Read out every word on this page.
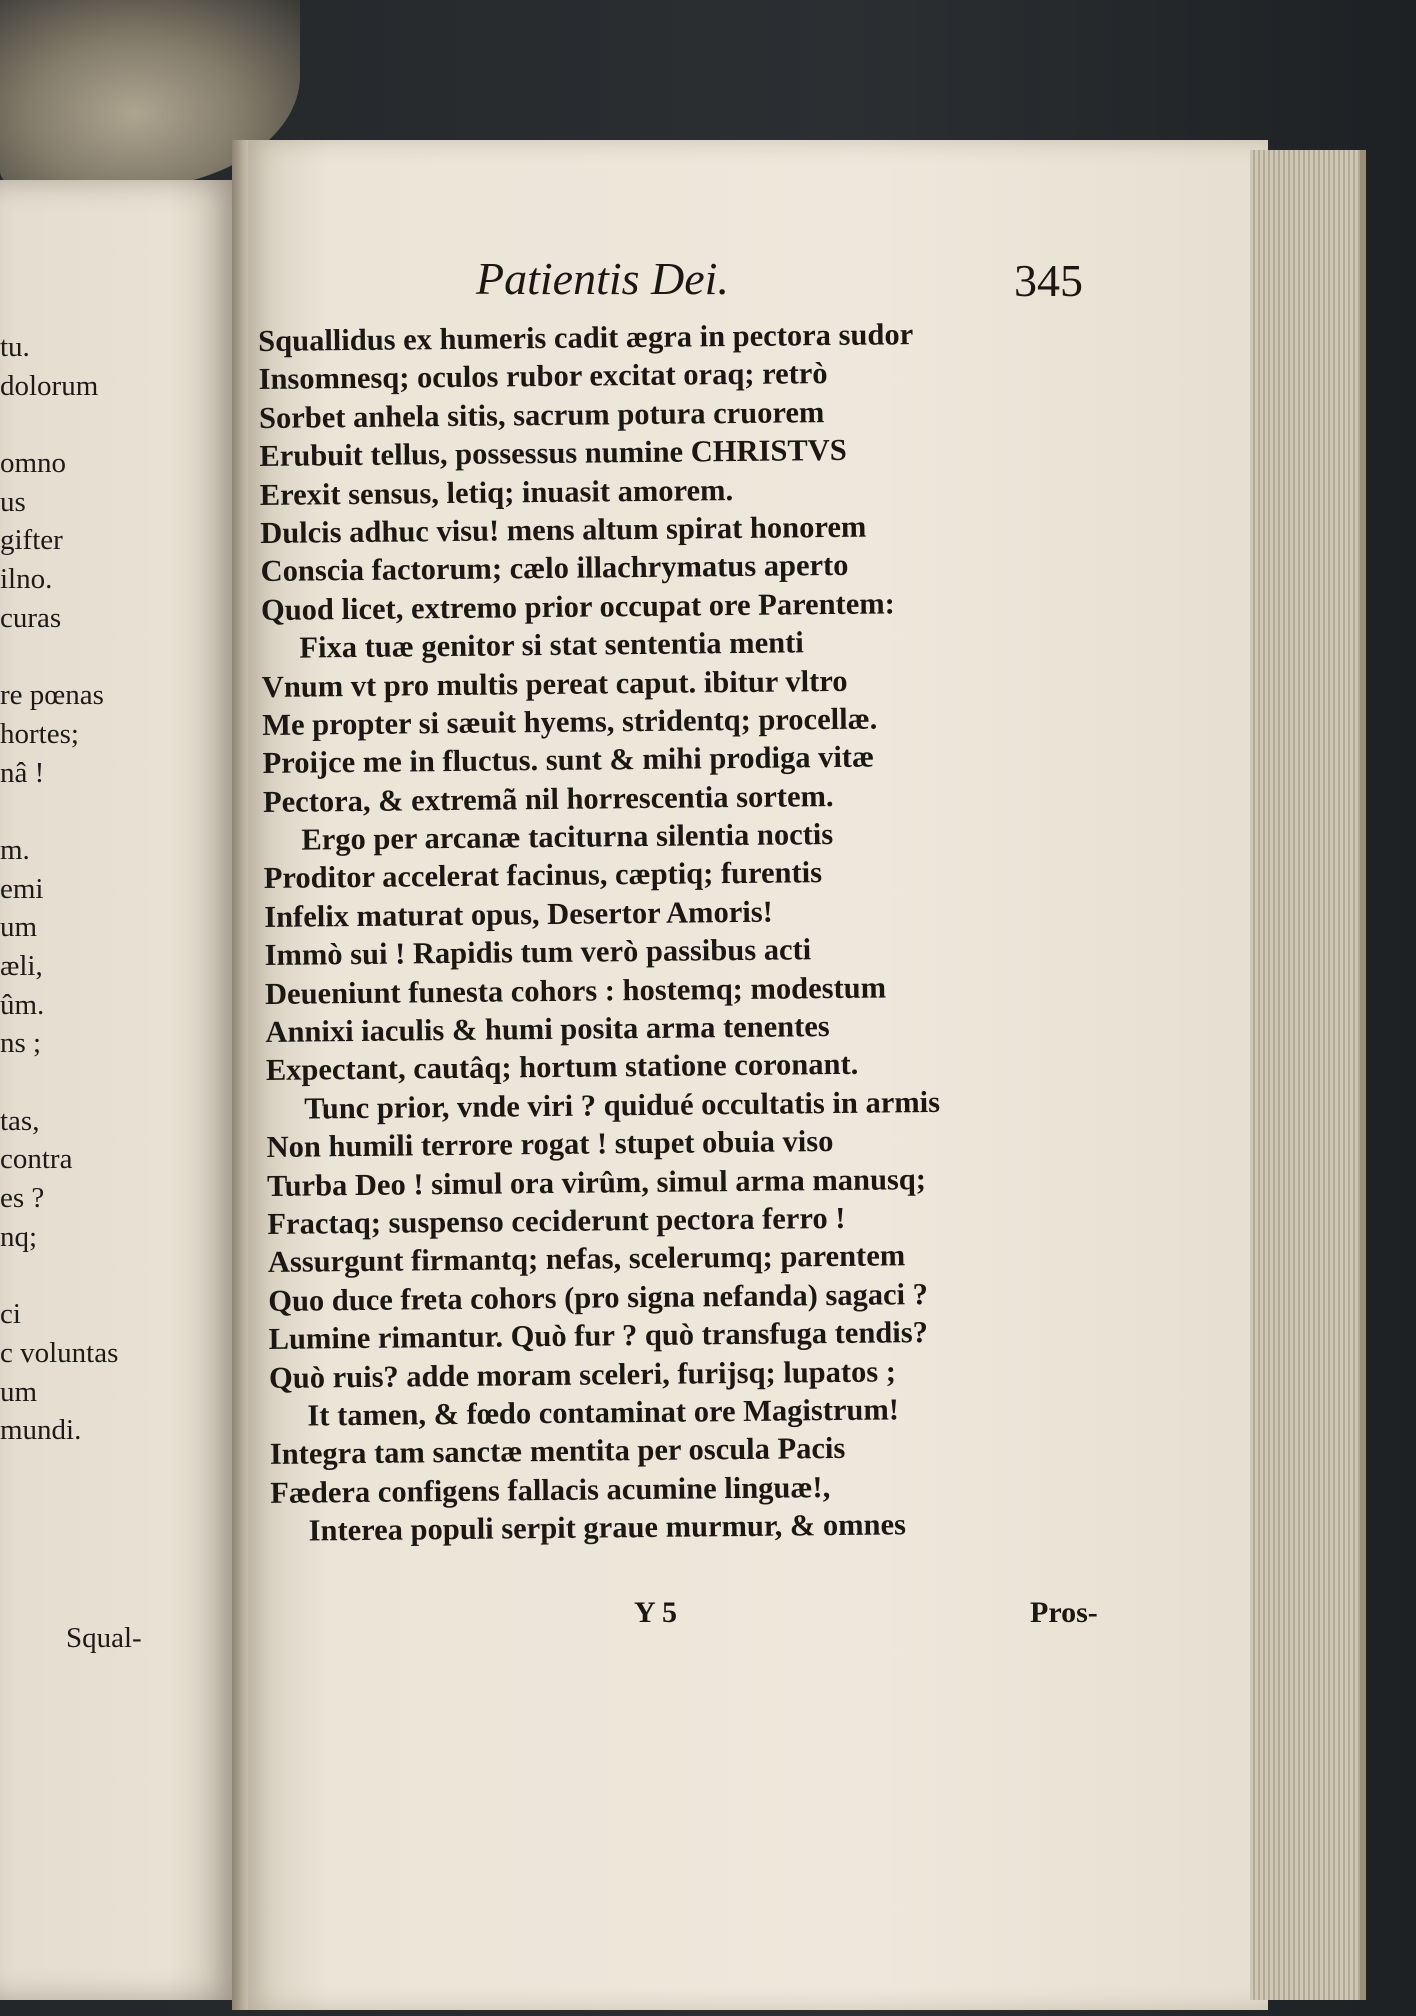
tu.
dolorum
omno
us
gifter
ilno.
curas
re pœnas
hortes;
nâ !
m.
emi
um
æli,
ûm.
ns ;
tas,
contra
es ?
nq;
ci
c voluntas
um
mundi.
Squal-
Patientis Dei.	345
Squallidus ex humeris cadit ægra in pectora sudor
Insomnesq; oculos rubor excitat oraq; retrò
Sorbet anhela sitis, sacrum potura cruorem
Erubuit tellus, possessus numine CHRISTVS
Erexit sensus, letiq; inuasit amorem.
Dulcis adhuc visu! mens altum spirat honorem
Conscia factorum; cælo illachrymatus aperto
Quod licet, extremo prior occupat ore Parentem:
Fixa tuæ genitor si stat sententia menti
Vnum vt pro multis pereat caput. ibitur vltro
Me propter si sæuit hyems, stridentq; procellæ.
Proijce me in fluctus. sunt & mihi prodiga vitæ
Pectora, & extremã nil horrescentia sortem.
Ergo per arcanæ taciturna silentia noctis
Proditor accelerat facinus, cæptiq; furentis
Infelix maturat opus, Desertor Amoris!
Immò sui ! Rapidis tum verò passibus acti
Deueniunt funesta cohors : hostemq; modestum
Annixi iaculis & humi posita arma tenentes
Expectant, cautâq; hortum statione coronant.
Tunc prior, vnde viri ? quidué occultatis in armis
Non humili terrore rogat ! stupet obuia viso
Turba Deo ! simul ora virûm, simul arma manusq;
Fractaq; suspenso ceciderunt pectora ferro !
Assurgunt firmantq; nefas, scelerumq; parentem
Quo duce freta cohors (pro signa nefanda) sagaci ?
Lumine rimantur. Quò fur ? quò transfuga tendis?
Quò ruis? adde moram sceleri, furijsq; lupatos ;
It tamen, & fœdo contaminat ore Magistrum!
Integra tam sanctæ mentita per oscula Pacis
Fædera configens fallacis acumine linguæ!,
Interea populi serpit graue murmur, & omnes
Y 5	Pros-
